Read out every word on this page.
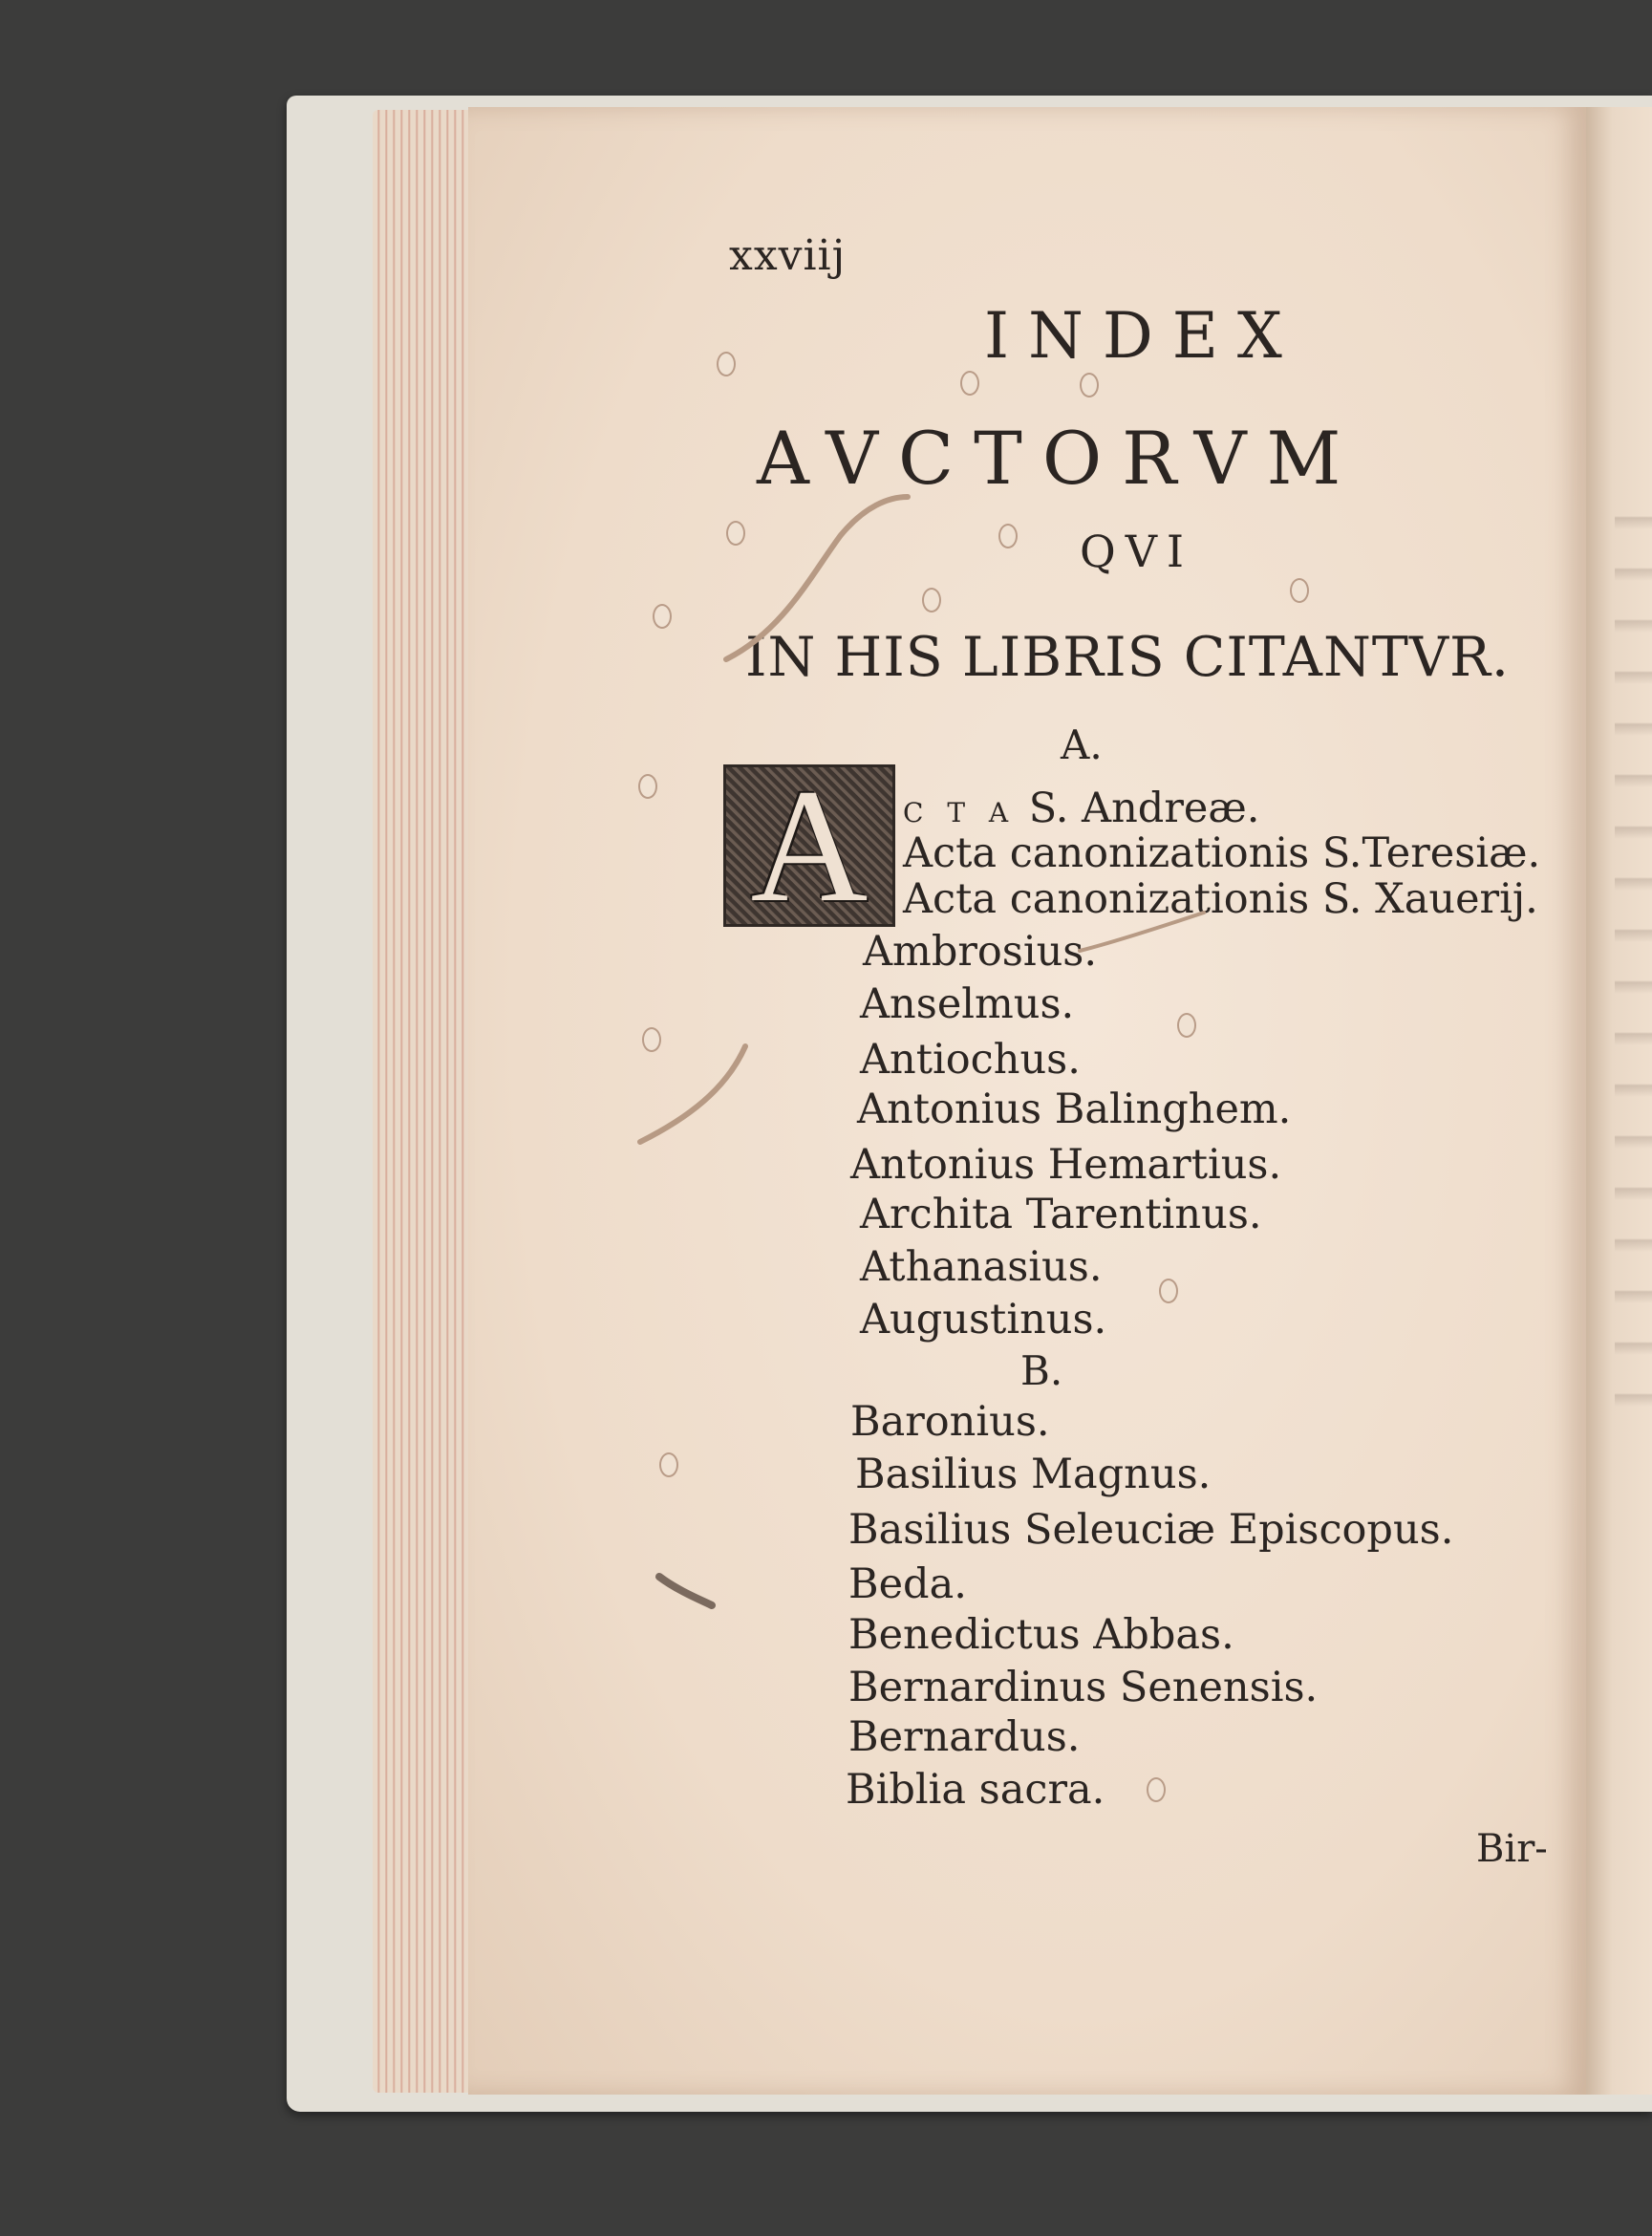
xxviij

INDEX
AVCTORVM

QVI

IN HIS LIBRIS CITANTVR.

A.

A C T A S. Andreæ.
Acta canonizationis S.Teresiæ.
Acta canonizationis S. Xauerij.
Ambrosius.
Anselmus.
Antiochus.
Antonius Balinghem.
Antonius Hemartius.
Archita Tarentinus.
Athanasius.
Augustinus.

B.

Baronius.
Basilius Magnus.
Basilius Seleuciæ Episcopus.
Beda.
Benedictus Abbas.
Bernardinus Senensis.
Bernardus.
Biblia sacra.

Bir-
